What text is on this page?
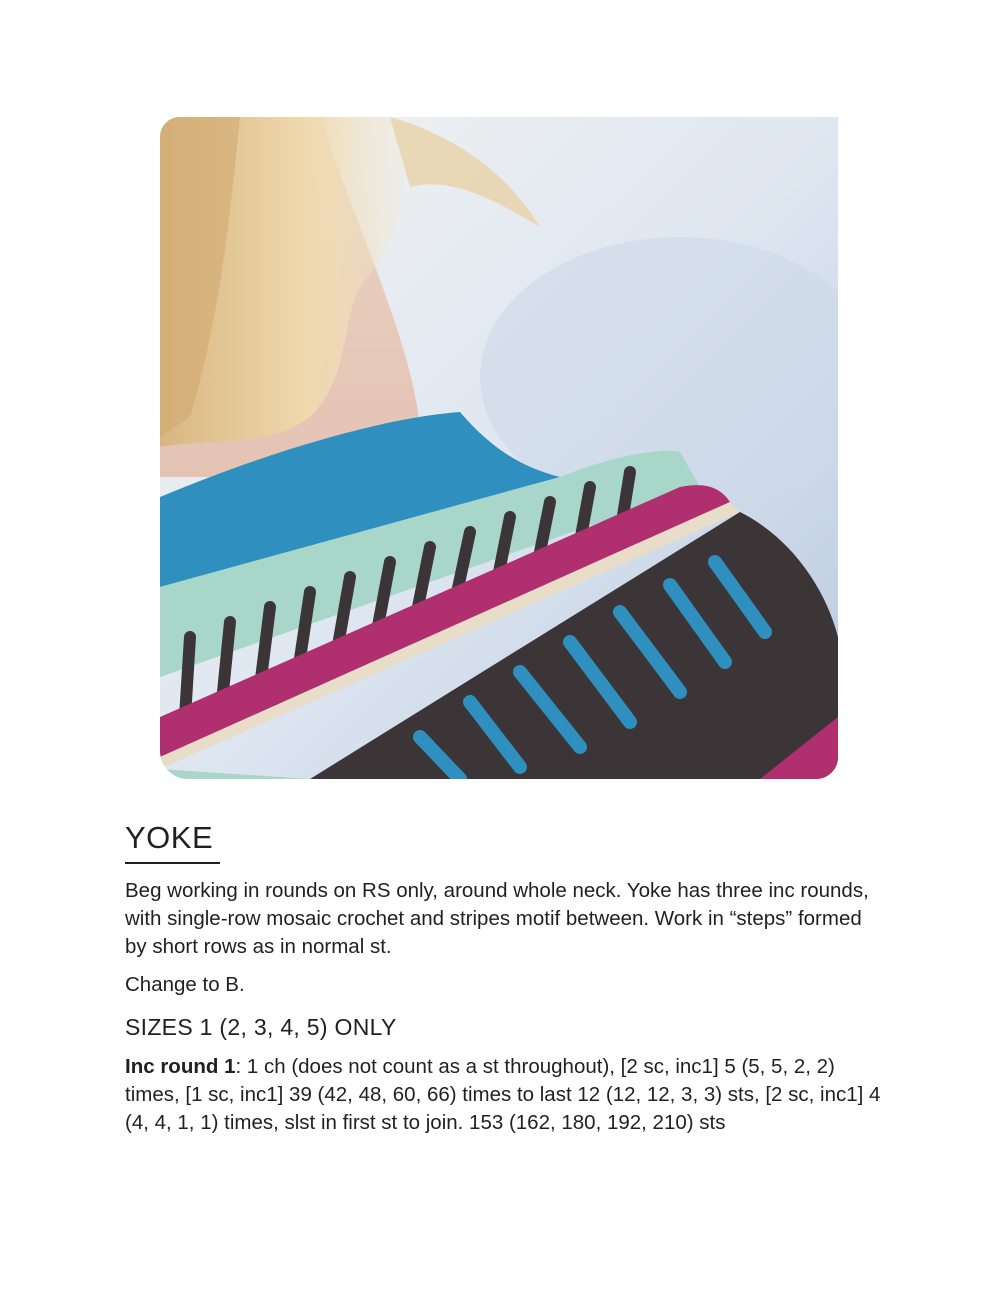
YOKE

Beg working in rounds on RS only, around whole neck. Yoke has three inc rounds, with single-row mosaic crochet and stripes motif between. Work in “steps” formed by short rows as in normal st.

Change to B.

SIZES 1 (2, 3, 4, 5) ONLY

Inc round 1: 1 ch (does not count as a st throughout), [2 sc, inc1] 5 (5, 5, 2, 2) times, [1 sc, inc1] 39 (42, 48, 60, 66) times to last 12 (12, 12, 3, 3) sts, [2 sc, inc1] 4 (4, 4, 1, 1) times, slst in first st to join. 153 (162, 180, 192, 210) sts
